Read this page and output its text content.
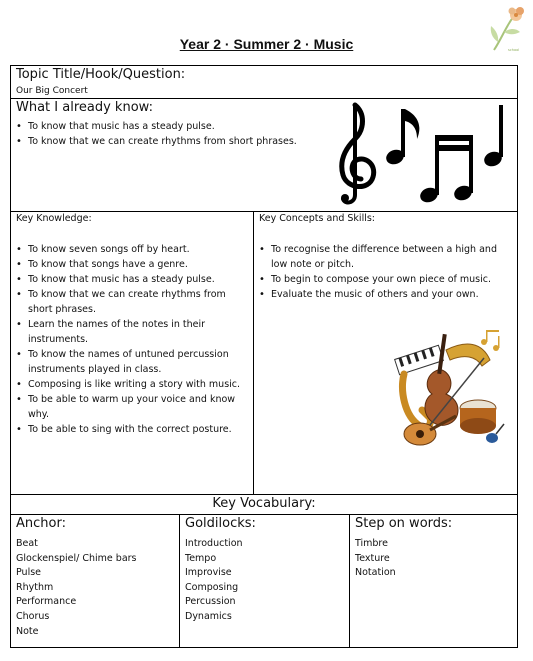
Year 2 · Summer 2 · Music	school
Topic Title/Hook/Question:
Our Big Concert
What I already know:
• To know that music has a steady pulse.
• To know that we can create rhythms from short phrases.
Key Knowledge:
• To know seven songs off by heart.
• To know that songs have a genre.
• To know that music has a steady pulse.
• To know that we can create rhythms from short phrases.
• Learn the names of the notes in their instruments.
• To know the names of untuned percussion instruments played in class.
• Composing is like writing a story with music.
• To be able to warm up your voice and know why.
• To be able to sing with the correct posture.
Key Concepts and Skills:
• To recognise the difference between a high and low note or pitch.
• To begin to compose your own piece of music.
• Evaluate the music of others and your own.
Key Vocabulary:
Anchor:
Beat
Glockenspiel/ Chime bars
Pulse
Rhythm
Performance
Chorus
Note
Goldilocks:
Introduction
Tempo
Improvise
Composing
Percussion
Dynamics
Step on words:
Timbre
Texture
Notation
